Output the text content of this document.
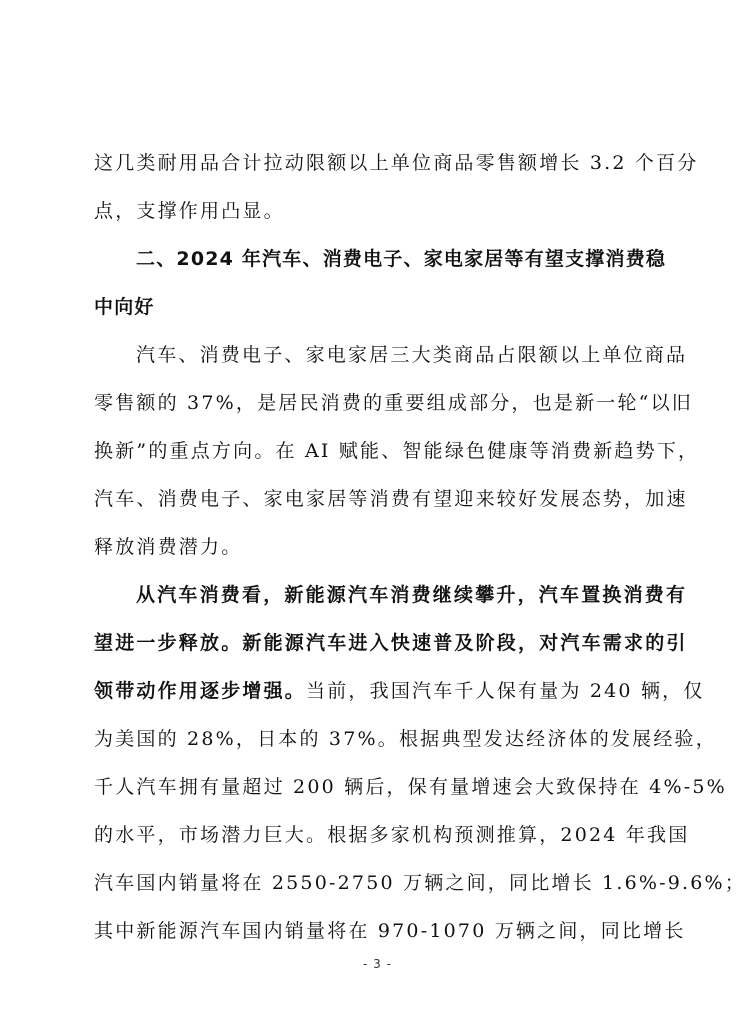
这几类耐用品合计拉动限额以上单位商品零售额增长 3.2 个百分
点，支撑作用凸显。
二、2024 年汽车、消费电子、家电家居等有望支撑消费稳
中向好
汽车、消费电子、家电家居三大类商品占限额以上单位商品
零售额的 37%，是居民消费的重要组成部分，也是新一轮“以旧
换新”的重点方向。在 AI 赋能、智能绿色健康等消费新趋势下，
汽车、消费电子、家电家居等消费有望迎来较好发展态势，加速
释放消费潜力。
从汽车消费看，新能源汽车消费继续攀升，汽车置换消费有
望进一步释放。新能源汽车进入快速普及阶段，对汽车需求的引
领带动作用逐步增强。 当前，我国汽车千人保有量为 240 辆，仅
为美国的 28%，日本的 37%。根据典型发达经济体的发展经验，
千人汽车拥有量超过 200 辆后，保有量增速会大致保持在 4%-5%
的水平，市场潜力巨大。根据多家机构预测推算，2024 年我国
汽车国内销量将在 2550-2750 万辆之间，同比增长 1.6%-9.6%；
其中新能源汽车国内销量将在 970-1070 万辆之间，同比增长
- 3 -
